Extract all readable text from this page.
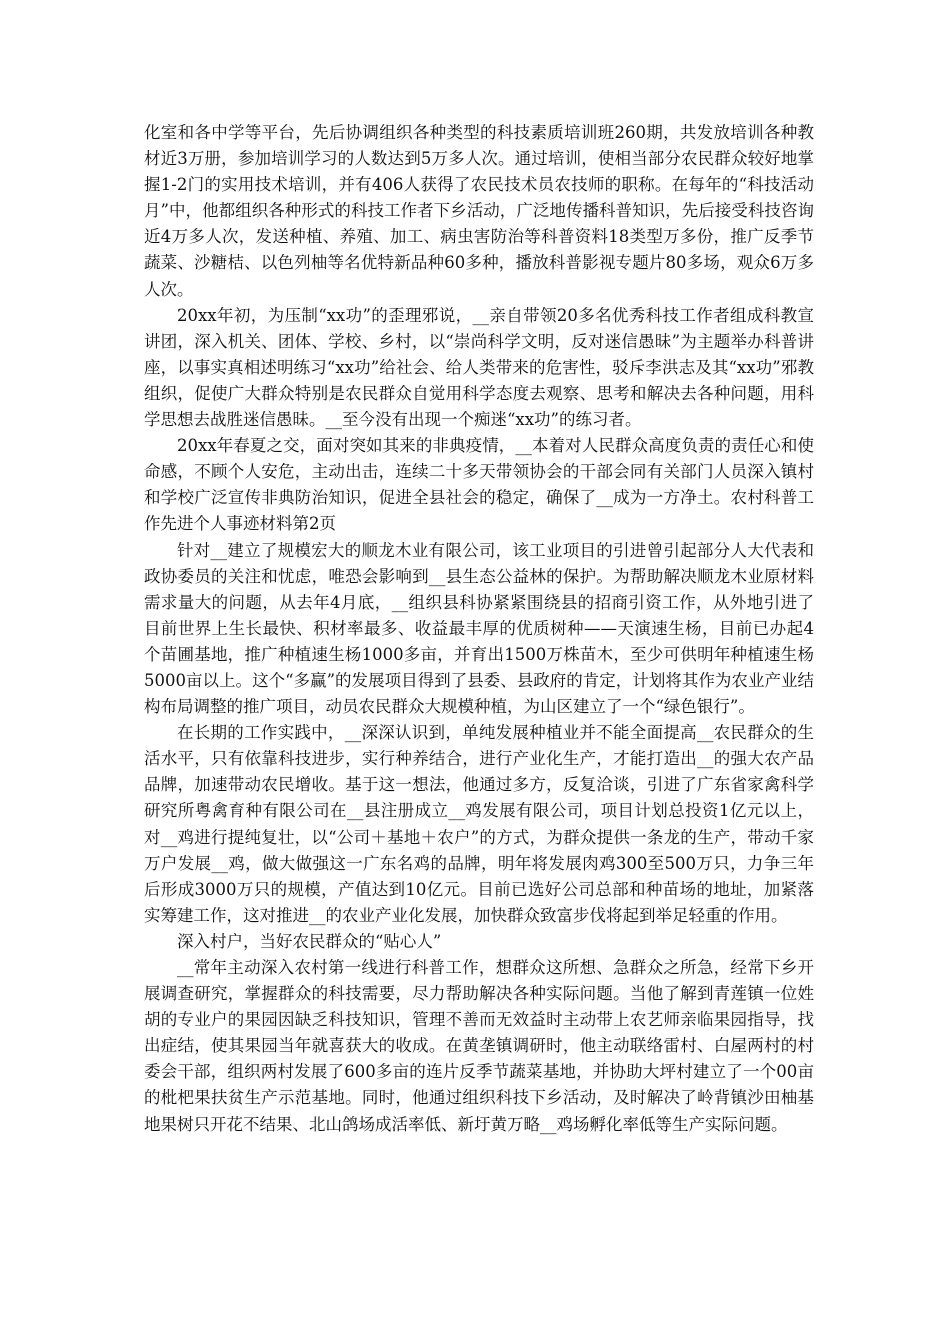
化室和各中学等平台，先后协调组织各种类型的科技素质培训班260期，共发放培训各种教材近3万册，参加培训学习的人数达到5万多人次。通过培训，使相当部分农民群众较好地掌握1-2门的实用技术培训，并有406人获得了农民技术员农技师的职称。在每年的“科技活动月”中，他都组织各种形式的科技工作者下乡活动，广泛地传播科普知识，先后接受科技咨询近4万多人次，发送种植、养殖、加工、病虫害防治等科普资料18类型万多份，推广反季节蔬菜、沙糖桔、以色列柚等名优特新品种60多种，播放科普影视专题片80多场，观众6万多人次。

20xx年初，为压制“xx功”的歪理邪说，__亲自带领20多名优秀科技工作者组成科教宣讲团，深入机关、团体、学校、乡村，以“崇尚科学文明，反对迷信愚昧”为主题举办科普讲座，以事实真相述明练习“xx功”给社会、给人类带来的危害性，驳斥李洪志及其“xx功”邪教组织，促使广大群众特别是农民群众自觉用科学态度去观察、思考和解决去各种问题，用科学思想去战胜迷信愚昧。__至今没有出现一个痴迷“xx功”的练习者。

20xx年春夏之交，面对突如其来的非典疫情，__本着对人民群众高度负责的责任心和使命感，不顾个人安危，主动出击，连续二十多天带领协会的干部会同有关部门人员深入镇村和学校广泛宣传非典防治知识，促进全县社会的稳定，确保了__成为一方净土。农村科普工作先进个人事迹材料第2页

针对__建立了规模宏大的顺龙木业有限公司，该工业项目的引进曾引起部分人大代表和政协委员的关注和忧虑，唯恐会影响到__县生态公益林的保护。为帮助解决顺龙木业原材料需求量大的问题，从去年4月底，__组织县科协紧紧围绕县的招商引资工作，从外地引进了目前世界上生长最快、积材率最多、收益最丰厚的优质树种——天演速生杨，目前已办起4个苗圃基地，推广种植速生杨1000多亩，并育出1500万株苗木，至少可供明年种植速生杨5000亩以上。这个“多赢”的发展项目得到了县委、县政府的肯定，计划将其作为农业产业结构布局调整的推广项目，动员农民群众大规模种植，为山区建立了一个“绿色银行”。

在长期的工作实践中，__深深认识到，单纯发展种植业并不能全面提高__农民群众的生活水平，只有依靠科技进步，实行种养结合，进行产业化生产，才能打造出__的强大农产品品牌，加速带动农民增收。基于这一想法，他通过多方，反复洽谈，引进了广东省家禽科学研究所粤禽育种有限公司在__县注册成立__鸡发展有限公司，项目计划总投资1亿元以上，对__鸡进行提纯复壮，以“公司＋基地＋农户”的方式，为群众提供一条龙的生产，带动千家万户发展__鸡，做大做强这一广东名鸡的品牌，明年将发展肉鸡300至500万只，力争三年后形成3000万只的规模，产值达到10亿元。目前已选好公司总部和种苗场的地址，加紧落实筹建工作，这对推进__的农业产业化发展，加快群众致富步伐将起到举足轻重的作用。

深入村户，当好农民群众的“贴心人”

__常年主动深入农村第一线进行科普工作，想群众这所想、急群众之所急，经常下乡开展调查研究，掌握群众的科技需要，尽力帮助解决各种实际问题。当他了解到青莲镇一位姓胡的专业户的果园因缺乏科技知识，管理不善而无效益时主动带上农艺师亲临果园指导，找出症结，使其果园当年就喜获大的收成。在黄垄镇调研时，他主动联络雷村、白屋两村的村委会干部，组织两村发展了600多亩的连片反季节蔬菜基地，并协助大坪村建立了一个00亩的枇杷果扶贫生产示范基地。同时，他通过组织科技下乡活动，及时解决了岭背镇沙田柚基地果树只开花不结果、北山鸽场成活率低、新圩黄万略__鸡场孵化率低等生产实际问题。
